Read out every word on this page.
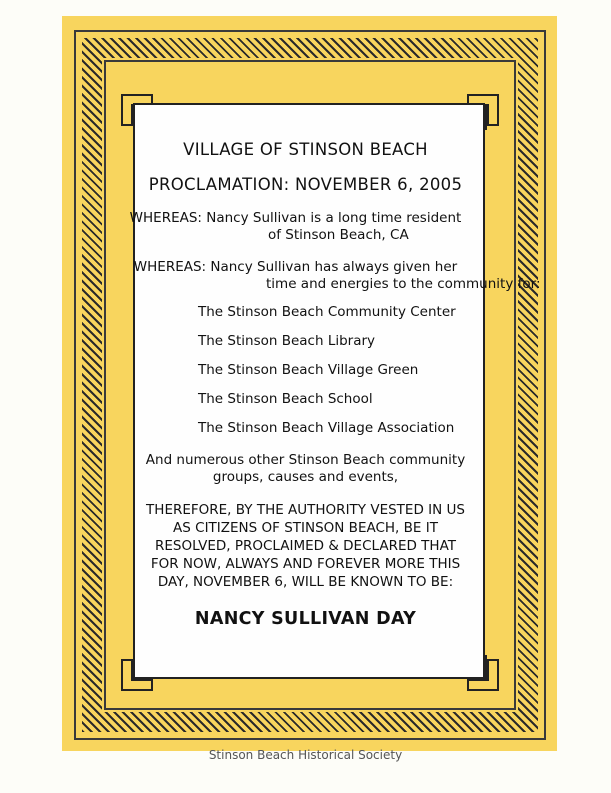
VILLAGE OF STINSON BEACH
PROCLAMATION: NOVEMBER 6, 2005
WHEREAS: Nancy Sullivan is a long time resident
of Stinson Beach, CA
WHEREAS: Nancy Sullivan has always given her
time and energies to the community for:
The Stinson Beach Community Center
The Stinson Beach Library
The Stinson Beach Village Green
The Stinson Beach School
The Stinson Beach Village Association
And numerous other Stinson Beach community
groups, causes and events,
THEREFORE, BY THE AUTHORITY VESTED IN US
AS CITIZENS OF STINSON BEACH, BE IT
RESOLVED, PROCLAIMED & DECLARED THAT
FOR NOW, ALWAYS AND FOREVER MORE THIS
DAY, NOVEMBER 6, WILL BE KNOWN TO BE:
NANCY SULLIVAN DAY
Stinson Beach Historical Society
